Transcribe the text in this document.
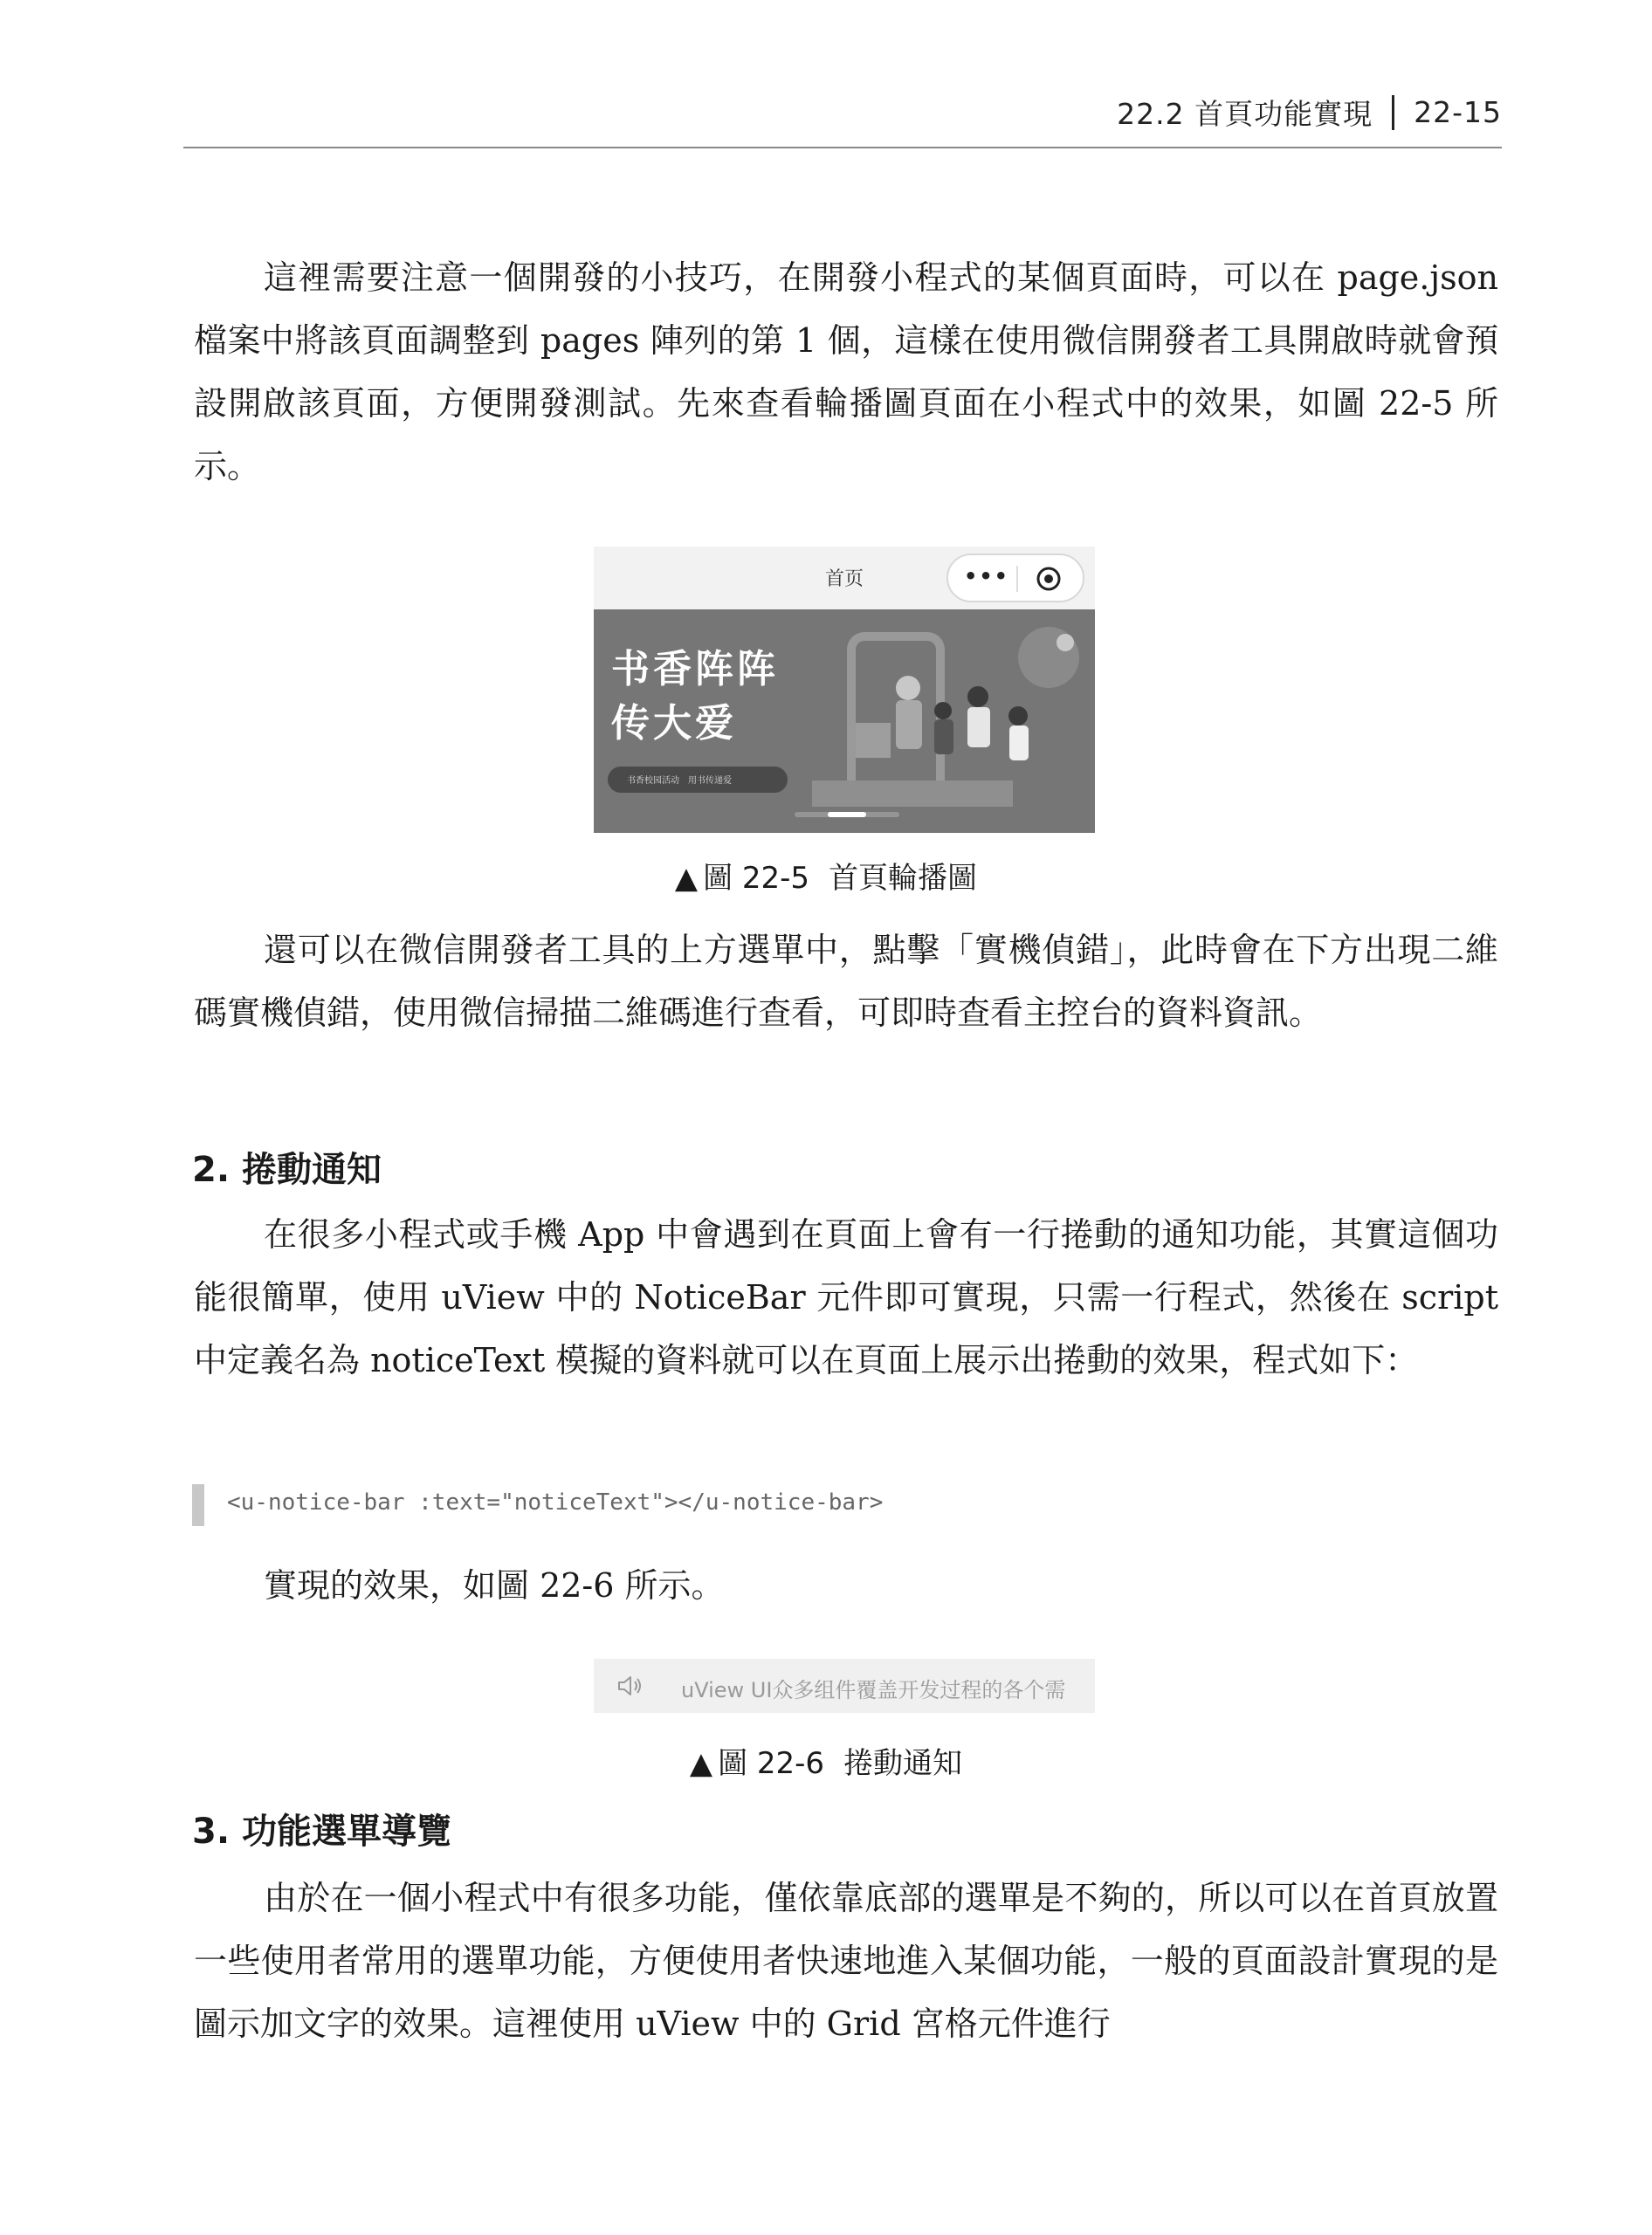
22.2 首頁功能實現 22-15

這裡需要注意一個開發的小技巧，在開發小程式的某個頁面時，可以在 page.json 檔案中將該頁面調整到 pages 陣列的第 1 個，這樣在使用微信開發者工具開啟時就會預設開啟該頁面，方便開發測試。先來查看輪播圖頁面在小程式中的效果，如圖 22-5 所示。

首页	•••
书香阵阵
传大爱
书香校园活动　用书传递爱
▲ 圖 22-5 首頁輪播圖

還可以在微信開發者工具的上方選單中，點擊「實機偵錯」，此時會在下方出現二維碼實機偵錯，使用微信掃描二維碼進行查看，可即時查看主控台的資料資訊。

2. 捲動通知

在很多小程式或手機 App 中會遇到在頁面上會有一行捲動的通知功能，其實這個功能很簡單，使用 uView 中的 NoticeBar 元件即可實現，只需一行程式，然後在 script 中定義名為 noticeText 模擬的資料就可以在頁面上展示出捲動的效果，程式如下：

<u-notice-bar :text="noticeText"></u-notice-bar>

實現的效果，如圖 22-6 所示。

uView UI众多组件覆盖开发过程的各个需
▲ 圖 22-6 捲動通知
3. 功能選單導覽

由於在一個小程式中有很多功能，僅依靠底部的選單是不夠的，所以可以在首頁放置一些使用者常用的選單功能，方便使用者快速地進入某個功能，一般的頁面設計實現的是圖示加文字的效果。這裡使用 uView 中的 Grid 宮格元件進行
